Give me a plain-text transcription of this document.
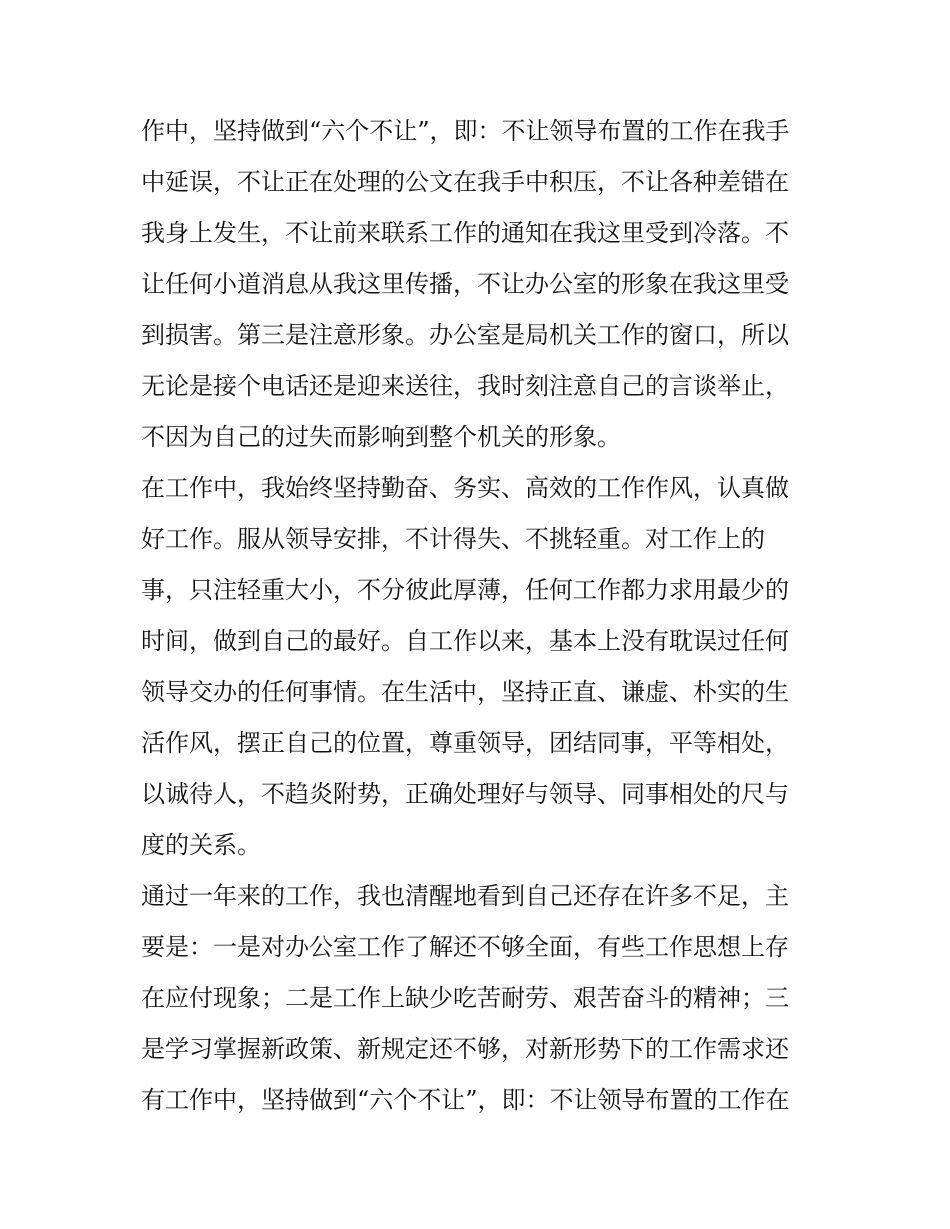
作中，坚持做到“六个不让”，即：不让领导布置的工作在我手
中延误，不让正在处理的公文在我手中积压，不让各种差错在
我身上发生，不让前来联系工作的通知在我这里受到冷落。不
让任何小道消息从我这里传播，不让办公室的形象在我这里受
到损害。第三是注意形象。办公室是局机关工作的窗口，所以
无论是接个电话还是迎来送往，我时刻注意自己的言谈举止，
不因为自己的过失而影响到整个机关的形象。
在工作中，我始终坚持勤奋、务实、高效的工作作风，认真做
好工作。服从领导安排，不计得失、不挑轻重。对工作上的
事，只注轻重大小，不分彼此厚薄，任何工作都力求用最少的
时间，做到自己的最好。自工作以来，基本上没有耽误过任何
领导交办的任何事情。在生活中，坚持正直、谦虚、朴实的生
活作风，摆正自己的位置，尊重领导，团结同事，平等相处，
以诚待人，不趋炎附势，正确处理好与领导、同事相处的尺与
度的关系。
通过一年来的工作，我也清醒地看到自己还存在许多不足，主
要是：一是对办公室工作了解还不够全面，有些工作思想上存
在应付现象；二是工作上缺少吃苦耐劳、艰苦奋斗的精神；三
是学习掌握新政策、新规定还不够，对新形势下的工作需求还
有工作中，坚持做到“六个不让”，即：不让领导布置的工作在
